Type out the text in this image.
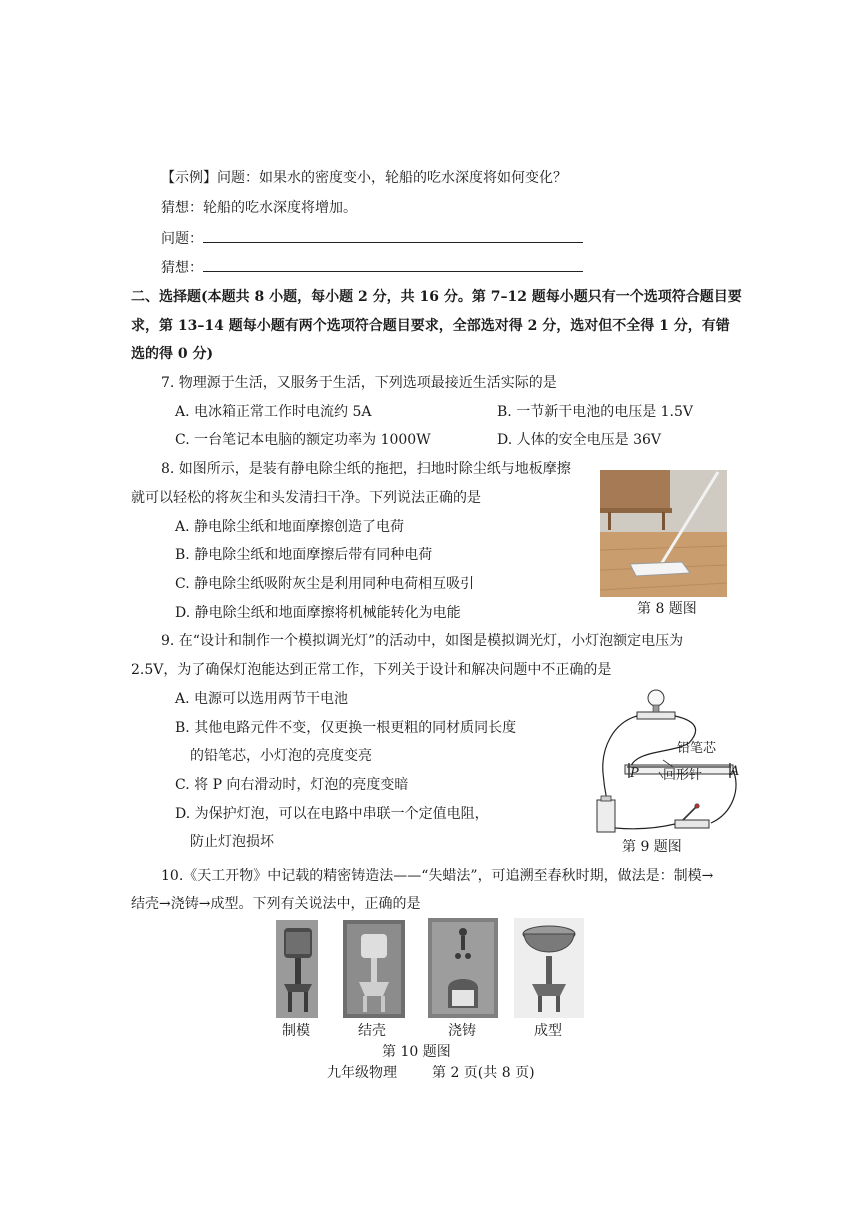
【示例】问题：如果水的密度变小，轮船的吃水深度将如何变化？
猜想：轮船的吃水深度将增加。
问题：
猜想：
二、选择题(本题共 8 小题，每小题 2 分，共 16 分。第 7–12 题每小题只有一个选项符合题目要
求，第 13–14 题每小题有两个选项符合题目要求，全部选对得 2 分，选对但不全得 1 分，有错
选的得 0 分)
7. 物理源于生活，又服务于生活，下列选项最接近生活实际的是
A. 电冰箱正常工作时电流约 5A	B. 一节新干电池的电压是 1.5V
C. 一台笔记本电脑的额定功率为 1000W	D. 人体的安全电压是 36V
8. 如图所示，是装有静电除尘纸的拖把，扫地时除尘纸与地板摩擦
就可以轻松的将灰尘和头发清扫干净。下列说法正确的是
A. 静电除尘纸和地面摩擦创造了电荷
B. 静电除尘纸和地面摩擦后带有同种电荷
C. 静电除尘纸吸附灰尘是利用同种电荷相互吸引
D. 静电除尘纸和地面摩擦将机械能转化为电能	第 8 题图
9. 在“设计和制作一个模拟调光灯”的活动中，如图是模拟调光灯，小灯泡额定电压为
2.5V，为了确保灯泡能达到正常工作，下列关于设计和解决问题中不正确的是
A. 电源可以选用两节干电池
B. 其他电路元件不变，仅更换一根更粗的同材质同长度
的铅笔芯，小灯泡的亮度变亮
C. 将 P 向右滑动时，灯泡的亮度变暗
D. 为保护灯泡，可以在电路中串联一个定值电阻，
防止灯泡损坏
铅笔芯
回形针
P	A
第 9 题图
10.《天工开物》中记载的精密铸造法——“失蜡法”，可追溯至春秋时期，做法是：制模→
结壳→浇铸→成型。下列有关说法中，正确的是
制模	结壳	浇铸	成型
第 10 题图
九年级物理	第 2 页(共 8 页)
